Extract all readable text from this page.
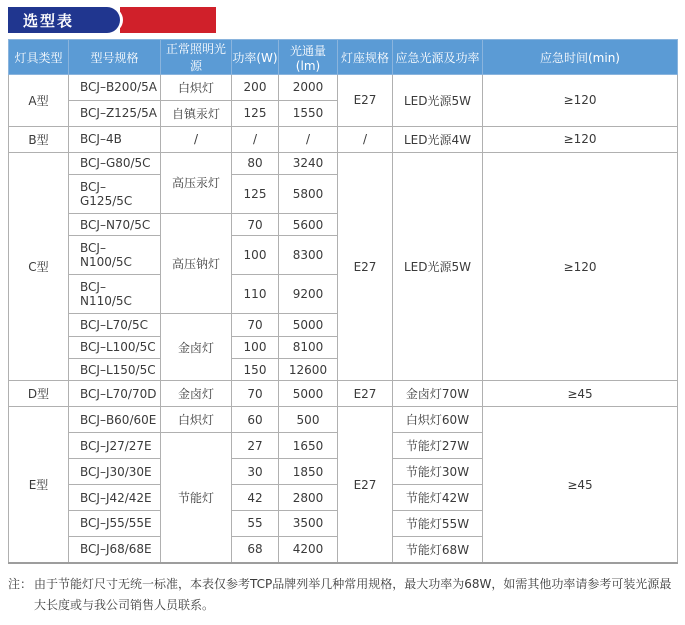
选型表
灯具类型	型号规格	正常照明光源	功率(W)	光通量(lm)	灯座规格	应急光源及功率	应急时间(min)
A型	BCJ–B200/5A	白炽灯	200	2000	E27	LED光源5W	≥120
	BCJ–Z125/5A	自镇汞灯	125	1550			
B型	BCJ–4B	/	/	/	/	LED光源4W	≥120
C型	BCJ–G80/5C	高压汞灯	80	3240	E27	LED光源5W	≥120
	BCJ–G125/5C		125	5800			
	BCJ–N70/5C	高压钠灯	70	5600			
	BCJ–N100/5C		100	8300			
	BCJ–N110/5C		110	9200			
	BCJ–L70/5C	金卤灯	70	5000			
	BCJ–L100/5C		100	8100			
	BCJ–L150/5C		150	12600			
D型	BCJ–L70/70D	金卤灯	70	5000	E27	金卤灯70W	≥45
E型	BCJ–B60/60E	白炽灯	60	500	E27	白炽灯60W	≥45
	BCJ–J27/27E	节能灯	27	1650		节能灯27W	
	BCJ–J30/30E		30	1850		节能灯30W	
	BCJ–J42/42E		42	2800		节能灯42W	
	BCJ–J55/55E		55	3500		节能灯55W	
	BCJ–J68/68E		68	4200		节能灯68W	
注： 由于节能灯尺寸无统一标准，本表仅参考TCP品牌列举几种常用规格，最大功率为68W，如需其他功率请参考可装光源最大长度或与我公司销售人员联系。
